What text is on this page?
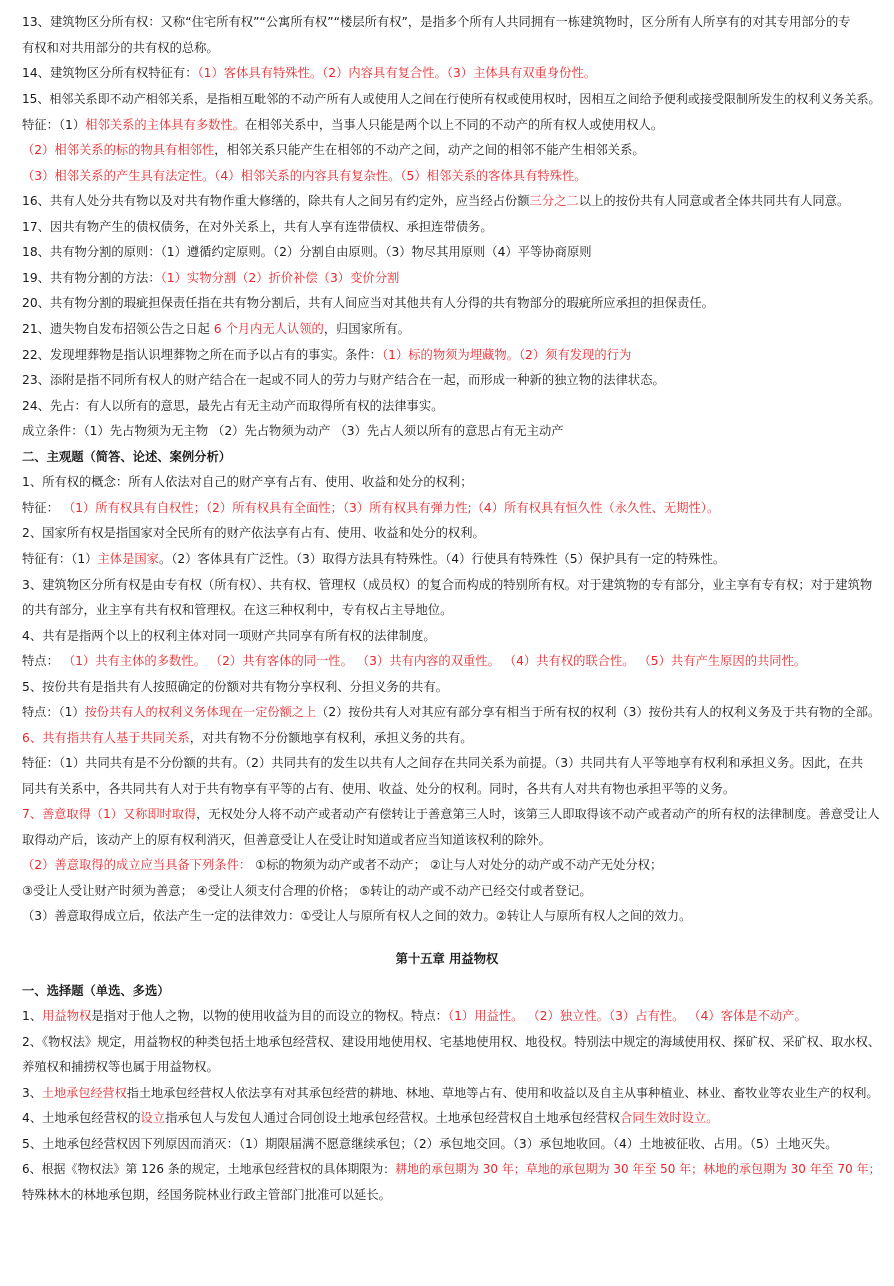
13、建筑物区分所有权：又称“住宅所有权”“公寓所有权”“楼层所有权”，是指多个所有人共同拥有一栋建筑物时，区分所有人所享有的对其专用部分的专
有权和对共用部分的共有权的总称。
14、建筑物区分所有权特征有：（1）客体具有特殊性。（2）内容具有复合性。（3）主体具有双重身份性。
15、相邻关系即不动产相邻关系，是指相互毗邻的不动产所有人或使用人之间在行使所有权或使用权时，因相互之间给予便利或接受限制所发生的权利义务关系。
特征：（1）相邻关系的主体具有多数性。在相邻关系中，当事人只能是两个以上不同的不动产的所有权人或使用权人。
（2）相邻关系的标的物具有相邻性，相邻关系只能产生在相邻的不动产之间，动产之间的相邻不能产生相邻关系。
（3）相邻关系的产生具有法定性。（4）相邻关系的内容具有复杂性。（5）相邻关系的客体具有特殊性。
16、共有人处分共有物以及对共有物作重大修缮的，除共有人之间另有约定外，应当经占份额三分之二以上的按份共有人同意或者全体共同共有人同意。
17、因共有物产生的债权债务，在对外关系上，共有人享有连带债权、承担连带债务。
18、共有物分割的原则：（1）遵循约定原则。（2）分割自由原则。（3）物尽其用原则（4）平等协商原则
19、共有物分割的方法：（1）实物分割（2）折价补偿（3）变价分割
20、共有物分割的瑕疵担保责任指在共有物分割后，共有人间应当对其他共有人分得的共有物部分的瑕疵所应承担的担保责任。
21、遗失物自发布招领公告之日起 6 个月内无人认领的，归国家所有。
22、发现埋葬物是指认识埋葬物之所在而予以占有的事实。条件：（1）标的物须为埋藏物。（2）须有发现的行为
23、添附是指不同所有权人的财产结合在一起或不同人的劳力与财产结合在一起，而形成一种新的独立物的法律状态。
24、先占：有人以所有的意思，最先占有无主动产而取得所有权的法律事实。
成立条件：（1）先占物须为无主物 （2）先占物须为动产 （3）先占人须以所有的意思占有无主动产
二、主观题（简答、论述、案例分析）
1、所有权的概念：所有人依法对自己的财产享有占有、使用、收益和处分的权利；
特征： （1）所有权具有自权性；（2）所有权具有全面性；（3）所有权具有弹力性;（4）所有权具有恒久性（永久性、无期性）。
2、国家所有权是指国家对全民所有的财产依法享有占有、使用、收益和处分的权利。
特征有：（1）主体是国家。（2）客体具有广泛性。（3）取得方法具有特殊性。（4）行使具有特殊性（5）保护具有一定的特殊性。
3、建筑物区分所有权是由专有权（所有权）、共有权、管理权（成员权）的复合而构成的特别所有权。对于建筑物的专有部分，业主享有专有权；对于建筑物
的共有部分，业主享有共有权和管理权。在这三种权利中，专有权占主导地位。
4、共有是指两个以上的权利主体对同一项财产共同享有所有权的法律制度。
特点： （1）共有主体的多数性。 （2）共有客体的同一性。 （3）共有内容的双重性。 （4）共有权的联合性。 （5）共有产生原因的共同性。
5、按份共有是指共有人按照确定的份额对共有物分享权利、分担义务的共有。
特点：（1）按份共有人的权利义务体现在一定份额之上（2）按份共有人对其应有部分享有相当于所有权的权利（3）按份共有人的权利义务及于共有物的全部。
6、共有指共有人基于共同关系，对共有物不分份额地享有权利，承担义务的共有。
特征：（1）共同共有是不分份额的共有。（2）共同共有的发生以共有人之间存在共同关系为前提。（3）共同共有人平等地享有权利和承担义务。因此，在共
同共有关系中，各共同共有人对于共有物享有平等的占有、使用、收益、处分的权利。同时，各共有人对共有物也承担平等的义务。
7、善意取得（1）又称即时取得，无权处分人将不动产或者动产有偿转让于善意第三人时，该第三人即取得该不动产或者动产的所有权的法律制度。善意受让人
取得动产后，该动产上的原有权利消灭，但善意受让人在受让时知道或者应当知道该权利的除外。
（2）善意取得的成立应当具备下列条件： ①标的物须为动产或者不动产； ②让与人对处分的动产或不动产无处分权；
③受让人受让财产时须为善意； ④受让人须支付合理的价格； ⑤转让的动产或不动产已经交付或者登记。
（3）善意取得成立后，依法产生一定的法律效力：①受让人与原所有权人之间的效力。②转让人与原所有权人之间的效力。
第十五章 用益物权
一、选择题（单选、多选）
1、用益物权是指对于他人之物，以物的使用收益为目的而设立的物权。特点：（1）用益性。 （2）独立性。（3）占有性。 （4）客体是不动产。
2、《物权法》规定，用益物权的种类包括土地承包经营权、建设用地使用权、宅基地使用权、地役权。特别法中规定的海域使用权、探矿权、采矿权、取水权、
养殖权和捕捞权等也属于用益物权。
3、土地承包经营权指土地承包经营权人依法享有对其承包经营的耕地、林地、草地等占有、使用和收益以及自主从事种植业、林业、畜牧业等农业生产的权利。
4、土地承包经营权的设立指承包人与发包人通过合同创设土地承包经营权。土地承包经营权自土地承包经营权合同生效时设立。
5、土地承包经营权因下列原因而消灭：（1）期限届满不愿意继续承包；（2）承包地交回。（3）承包地收回。（4）土地被征收、占用。（5）土地灭失。
6、根据《物权法》第 126 条的规定，土地承包经营权的具体期限为：耕地的承包期为 30 年；草地的承包期为 30 年至 50 年；林地的承包期为 30 年至 70 年；
特殊林木的林地承包期，经国务院林业行政主管部门批准可以延长。
